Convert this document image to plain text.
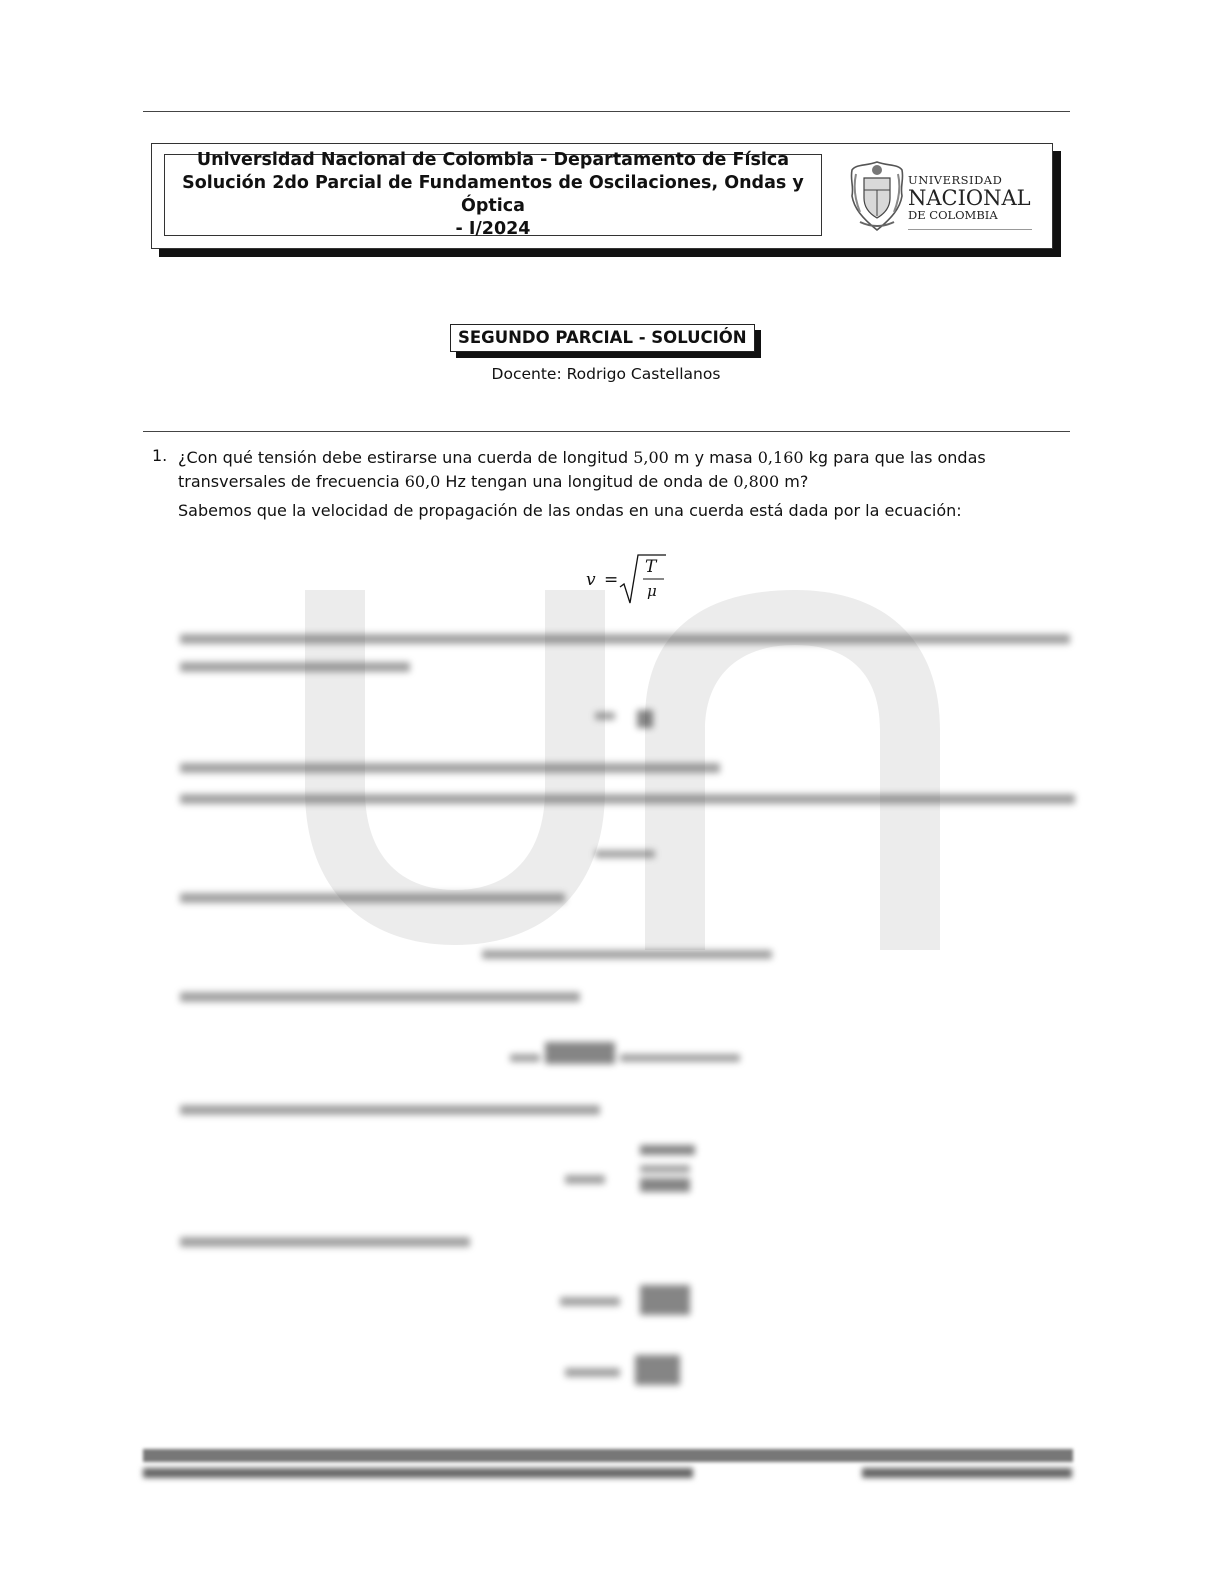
Universidad Nacional de Colombia - Departamento de Física
Solución 2do Parcial de Fundamentos de Oscilaciones, Ondas y Óptica
- I/2024
UNIVERSIDAD
NACIONAL
DE COLOMBIA
SEGUNDO PARCIAL - SOLUCIÓN
Docente: Rodrigo Castellanos
1. ¿Con qué tensión debe estirarse una cuerda de longitud 5,00 m y masa 0,160 kg para que las ondas transversales de frecuencia 60,0 Hz tengan una longitud de onda de 0,800 m?
Sabemos que la velocidad de propagación de las ondas en una cuerda está dada por la ecuación:
v =
T
μ
